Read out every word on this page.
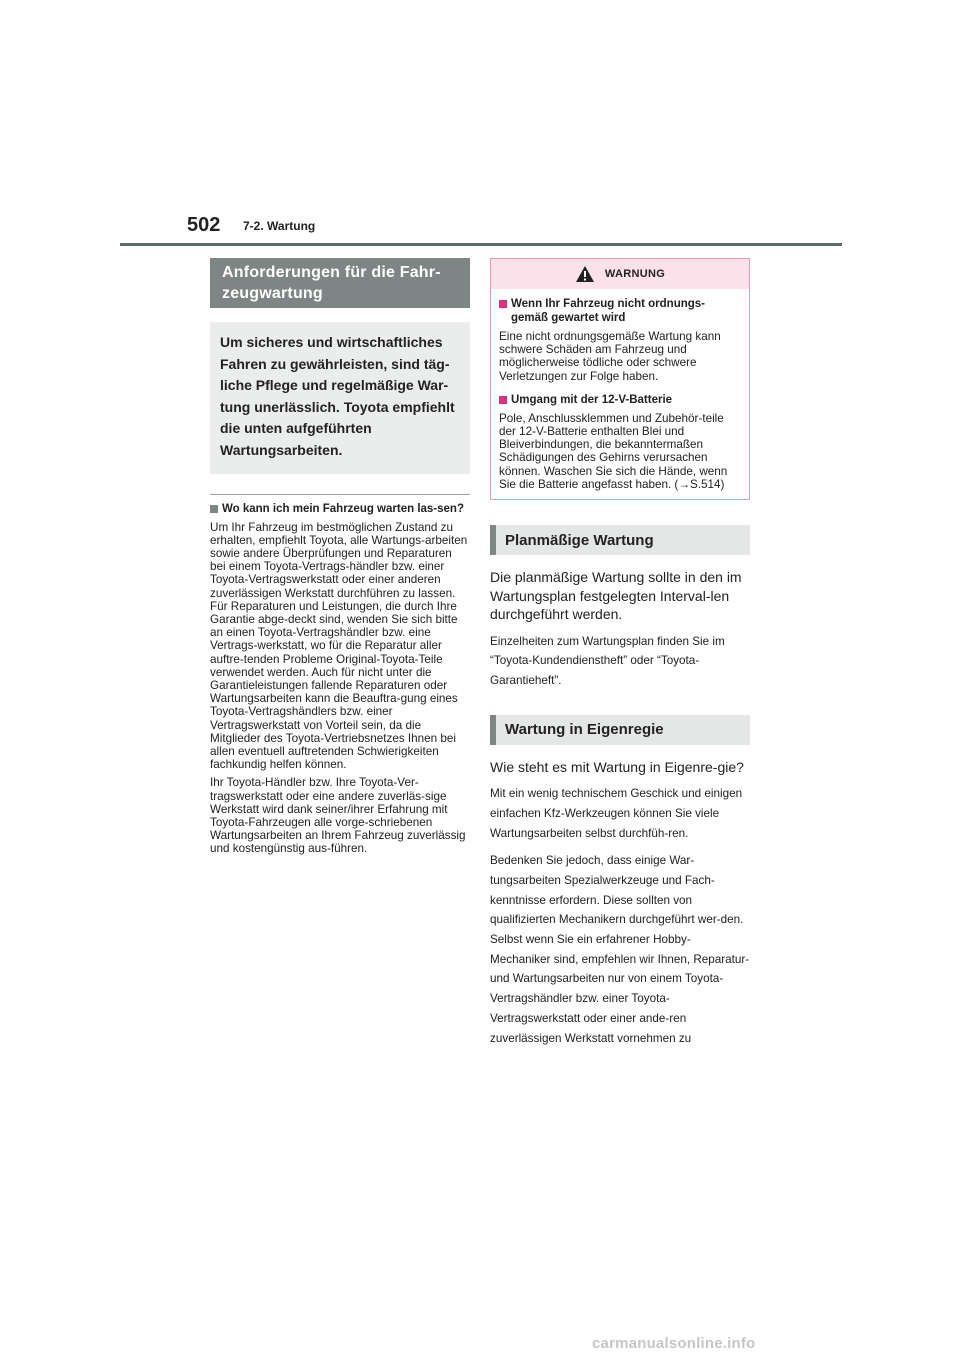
502 7-2. Wartung
Anforderungen für die Fahr-zeugwartung
Um sicheres und wirtschaftliches Fahren zu gewährleisten, sind täg-liche Pflege und regelmäßige War-tung unerlässlich. Toyota empfiehlt die unten aufgeführten Wartungsarbeiten.
Wo kann ich mein Fahrzeug warten las-sen?
Um Ihr Fahrzeug im bestmöglichen Zustand zu erhalten, empfiehlt Toyota, alle Wartungs-arbeiten sowie andere Überprüfungen und Reparaturen bei einem Toyota-Vertrags-händler bzw. einer Toyota-Vertragswerkstatt oder einer anderen zuverlässigen Werkstatt durchführen zu lassen. Für Reparaturen und Leistungen, die durch Ihre Garantie abge-deckt sind, wenden Sie sich bitte an einen Toyota-Vertragshändler bzw. eine Vertrags-werkstatt, wo für die Reparatur aller auftre-tenden Probleme Original-Toyota-Teile verwendet werden. Auch für nicht unter die Garantieleistungen fallende Reparaturen oder Wartungsarbeiten kann die Beauftra-gung eines Toyota-Vertragshändlers bzw. einer Vertragswerkstatt von Vorteil sein, da die Mitglieder des Toyota-Vertriebsnetzes Ihnen bei allen eventuell auftretenden Schwierigkeiten fachkundig helfen können.
Ihr Toyota-Händler bzw. Ihre Toyota-Ver-tragswerkstatt oder eine andere zuverläs-sige Werkstatt wird dank seiner/ihrer Erfahrung mit Toyota-Fahrzeugen alle vorge-schriebenen Wartungsarbeiten an Ihrem Fahrzeug zuverlässig und kostengünstig aus-führen.
WARNUNG
Wenn Ihr Fahrzeug nicht ordnungs-gemäß gewartet wird
Eine nicht ordnungsgemäße Wartung kann schwere Schäden am Fahrzeug und möglicherweise tödliche oder schwere Verletzungen zur Folge haben.
Umgang mit der 12-V-Batterie
Pole, Anschlussklemmen und Zubehör-teile der 12-V-Batterie enthalten Blei und Bleiverbindungen, die bekanntermaßen Schädigungen des Gehirns verursachen können. Waschen Sie sich die Hände, wenn Sie die Batterie angefasst haben. (→S.514)
Planmäßige Wartung
Die planmäßige Wartung sollte in den im Wartungsplan festgelegten Interval-len durchgeführt werden.
Einzelheiten zum Wartungsplan finden Sie im “Toyota-Kundendienstheft” oder “Toyota-Garantieheft”.
Wartung in Eigenregie
Wie steht es mit Wartung in Eigenre-gie?
Mit ein wenig technischem Geschick und einigen einfachen Kfz-Werkzeugen können Sie viele Wartungsarbeiten selbst durchfüh-ren.
Bedenken Sie jedoch, dass einige War-tungsarbeiten Spezialwerkzeuge und Fach-kenntnisse erfordern. Diese sollten von qualifizierten Mechanikern durchgeführt wer-den. Selbst wenn Sie ein erfahrener Hobby-Mechaniker sind, empfehlen wir Ihnen, Reparatur- und Wartungsarbeiten nur von einem Toyota-Vertragshändler bzw. einer Toyota-Vertragswerkstatt oder einer ande-ren zuverlässigen Werkstatt vornehmen zu
carmanualsonline.info
